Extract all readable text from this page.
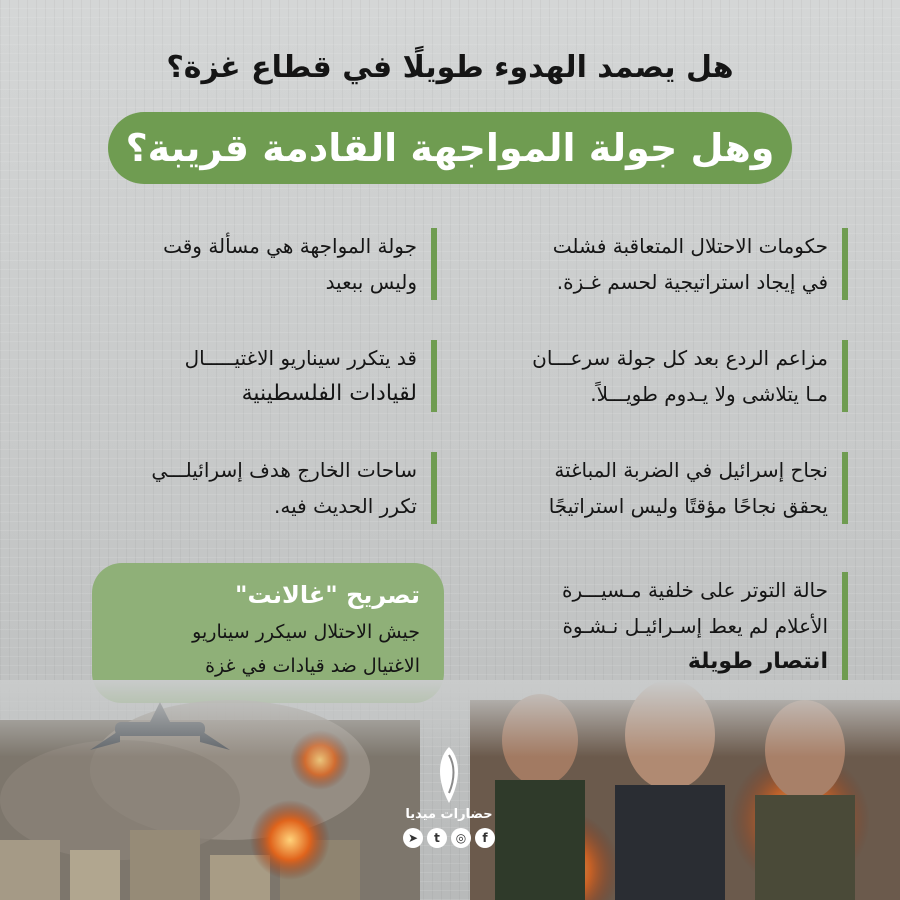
هل يصمد الهدوء طويلًا في قطاع غزة؟
وهل جولة المواجهة القادمة قريبة؟
حكومات الاحتلال المتعاقبة فشلت
في إيجاد استراتيجية لحسم غـزة.
مزاعم الردع بعد كل جولة سرعـــان
مـا يتلاشى ولا يـدوم طويـــلاً.
نجاح إسرائيل في الضربة المباغتة
يحقق نجاحًا مؤقتًا وليس استراتيجًا
حالة التوتر على خلفية مـسيـــرة
الأعلام لم يعط إسـرائيـل نـشـوة
انتصار طويلة
جولة المواجهة هي مسألة وقت
وليس ببعيد
قد يتكرر سيناريو الاغتيـــــال
لقيادات الفلسطينية
ساحات الخارج هدف إسرائيلـــي
تكرر الحديث فيه.
تصريح "غالانت"
جيش الاحتلال سيكرر سيناريو
الاغتيال ضد قيادات في غزة
حضارات ميديا
➤	t	◎	f
